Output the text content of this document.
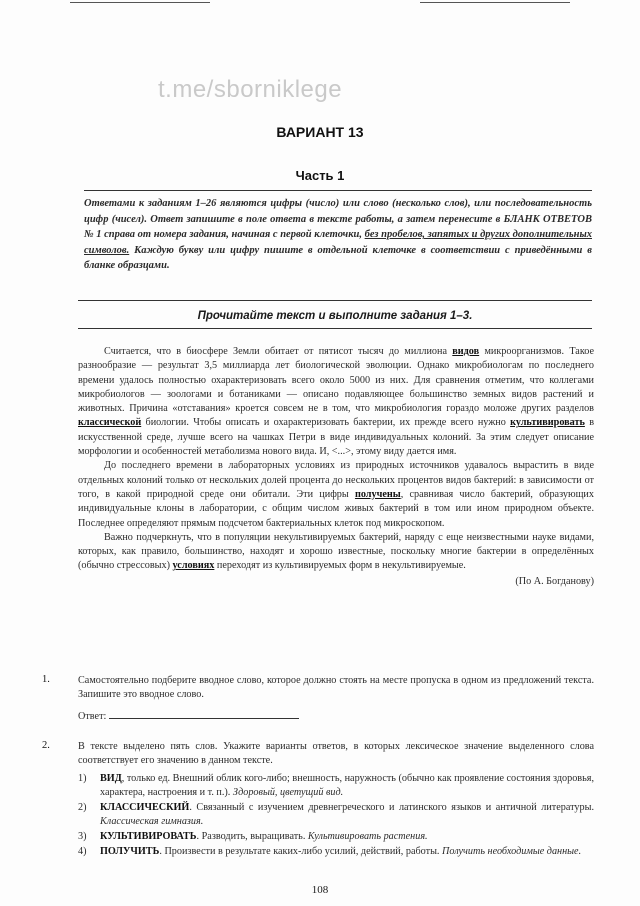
t.me/sborniklege
ВАРИАНТ 13
Часть 1
Ответами к заданиям 1–26 являются цифры (число) или слово (несколько слов), или последовательность цифр (чисел). Ответ запишите в поле ответа в тексте работы, а затем перенесите в БЛАНК ОТВЕТОВ № 1 справа от номера задания, начиная с первой клеточки, без пробелов, запятых и других дополнительных символов. Каждую букву или цифру пишите в отдельной клеточке в соответствии с приведёнными в бланке образцами.
Прочитайте текст и выполните задания 1–3.

Считается, что в биосфере Земли обитает от пятисот тысяч до миллиона видов микроорганизмов. Такое разнообразие — результат 3,5 миллиарда лет биологической эволюции. Однако микробиологам по последнего времени удалось полностью охарактеризовать всего около 5000 из них. Для сравнения отметим, что коллегами микробиологов — зоологами и ботаниками — описано подавляющее большинство земных видов растений и животных. Причина «отставания» кроется совсем не в том, что микробиология гораздо моложе других разделов классической биологии. Чтобы описать и охарактеризовать бактерии, их прежде всего нужно культивировать в искусственной среде, лучше всего на чашках Петри в виде индивидуальных колоний. За этим следует описание морфологии и особенностей метаболизма нового вида. И, <...>, этому виду дается имя.

До последнего времени в лабораторных условиях из природных источников удавалось вырастить в виде отдельных колоний только от нескольких долей процента до нескольких процентов видов бактерий: в зависимости от того, в какой природной среде они обитали. Эти цифры получены, сравнивая число бактерий, образующих индивидуальные клоны в лаборатории, с общим числом живых бактерий в том или ином природном объекте. Последнее определяют прямым подсчетом бактериальных клеток под микроскопом.

Важно подчеркнуть, что в популяции некультивируемых бактерий, наряду с еще неизвестными науке видами, которых, как правило, большинство, находят и хорошо известные, поскольку многие бактерии в определённых (обычно стрессовых) условиях переходят из культивируемых форм в некультивируемые.

(По А. Богданову)
1.	Самостоятельно подберите вводное слово, которое должно стоять на месте пропуска в одном из предложений текста. Запишите это вводное слово.
Ответ:
2.	В тексте выделено пять слов. Укажите варианты ответов, в которых лексическое значение выделенного слова соответствует его значению в данном тексте.
1) ВИД, только ед. Внешний облик кого-либо; внешность, наружность (обычно как проявление состояния здоровья, характера, настроения и т. п.). Здоровый, цветущий вид.
2) КЛАССИЧЕСКИЙ. Связанный с изучением древнегреческого и латинского языков и античной литературы. Классическая гимназия.
3) КУЛЬТИВИРОВАТЬ. Разводить, выращивать. Культивировать растения.
4) ПОЛУЧИТЬ. Произвести в результате каких-либо усилий, действий, работы. Получить необходимые данные.
108
